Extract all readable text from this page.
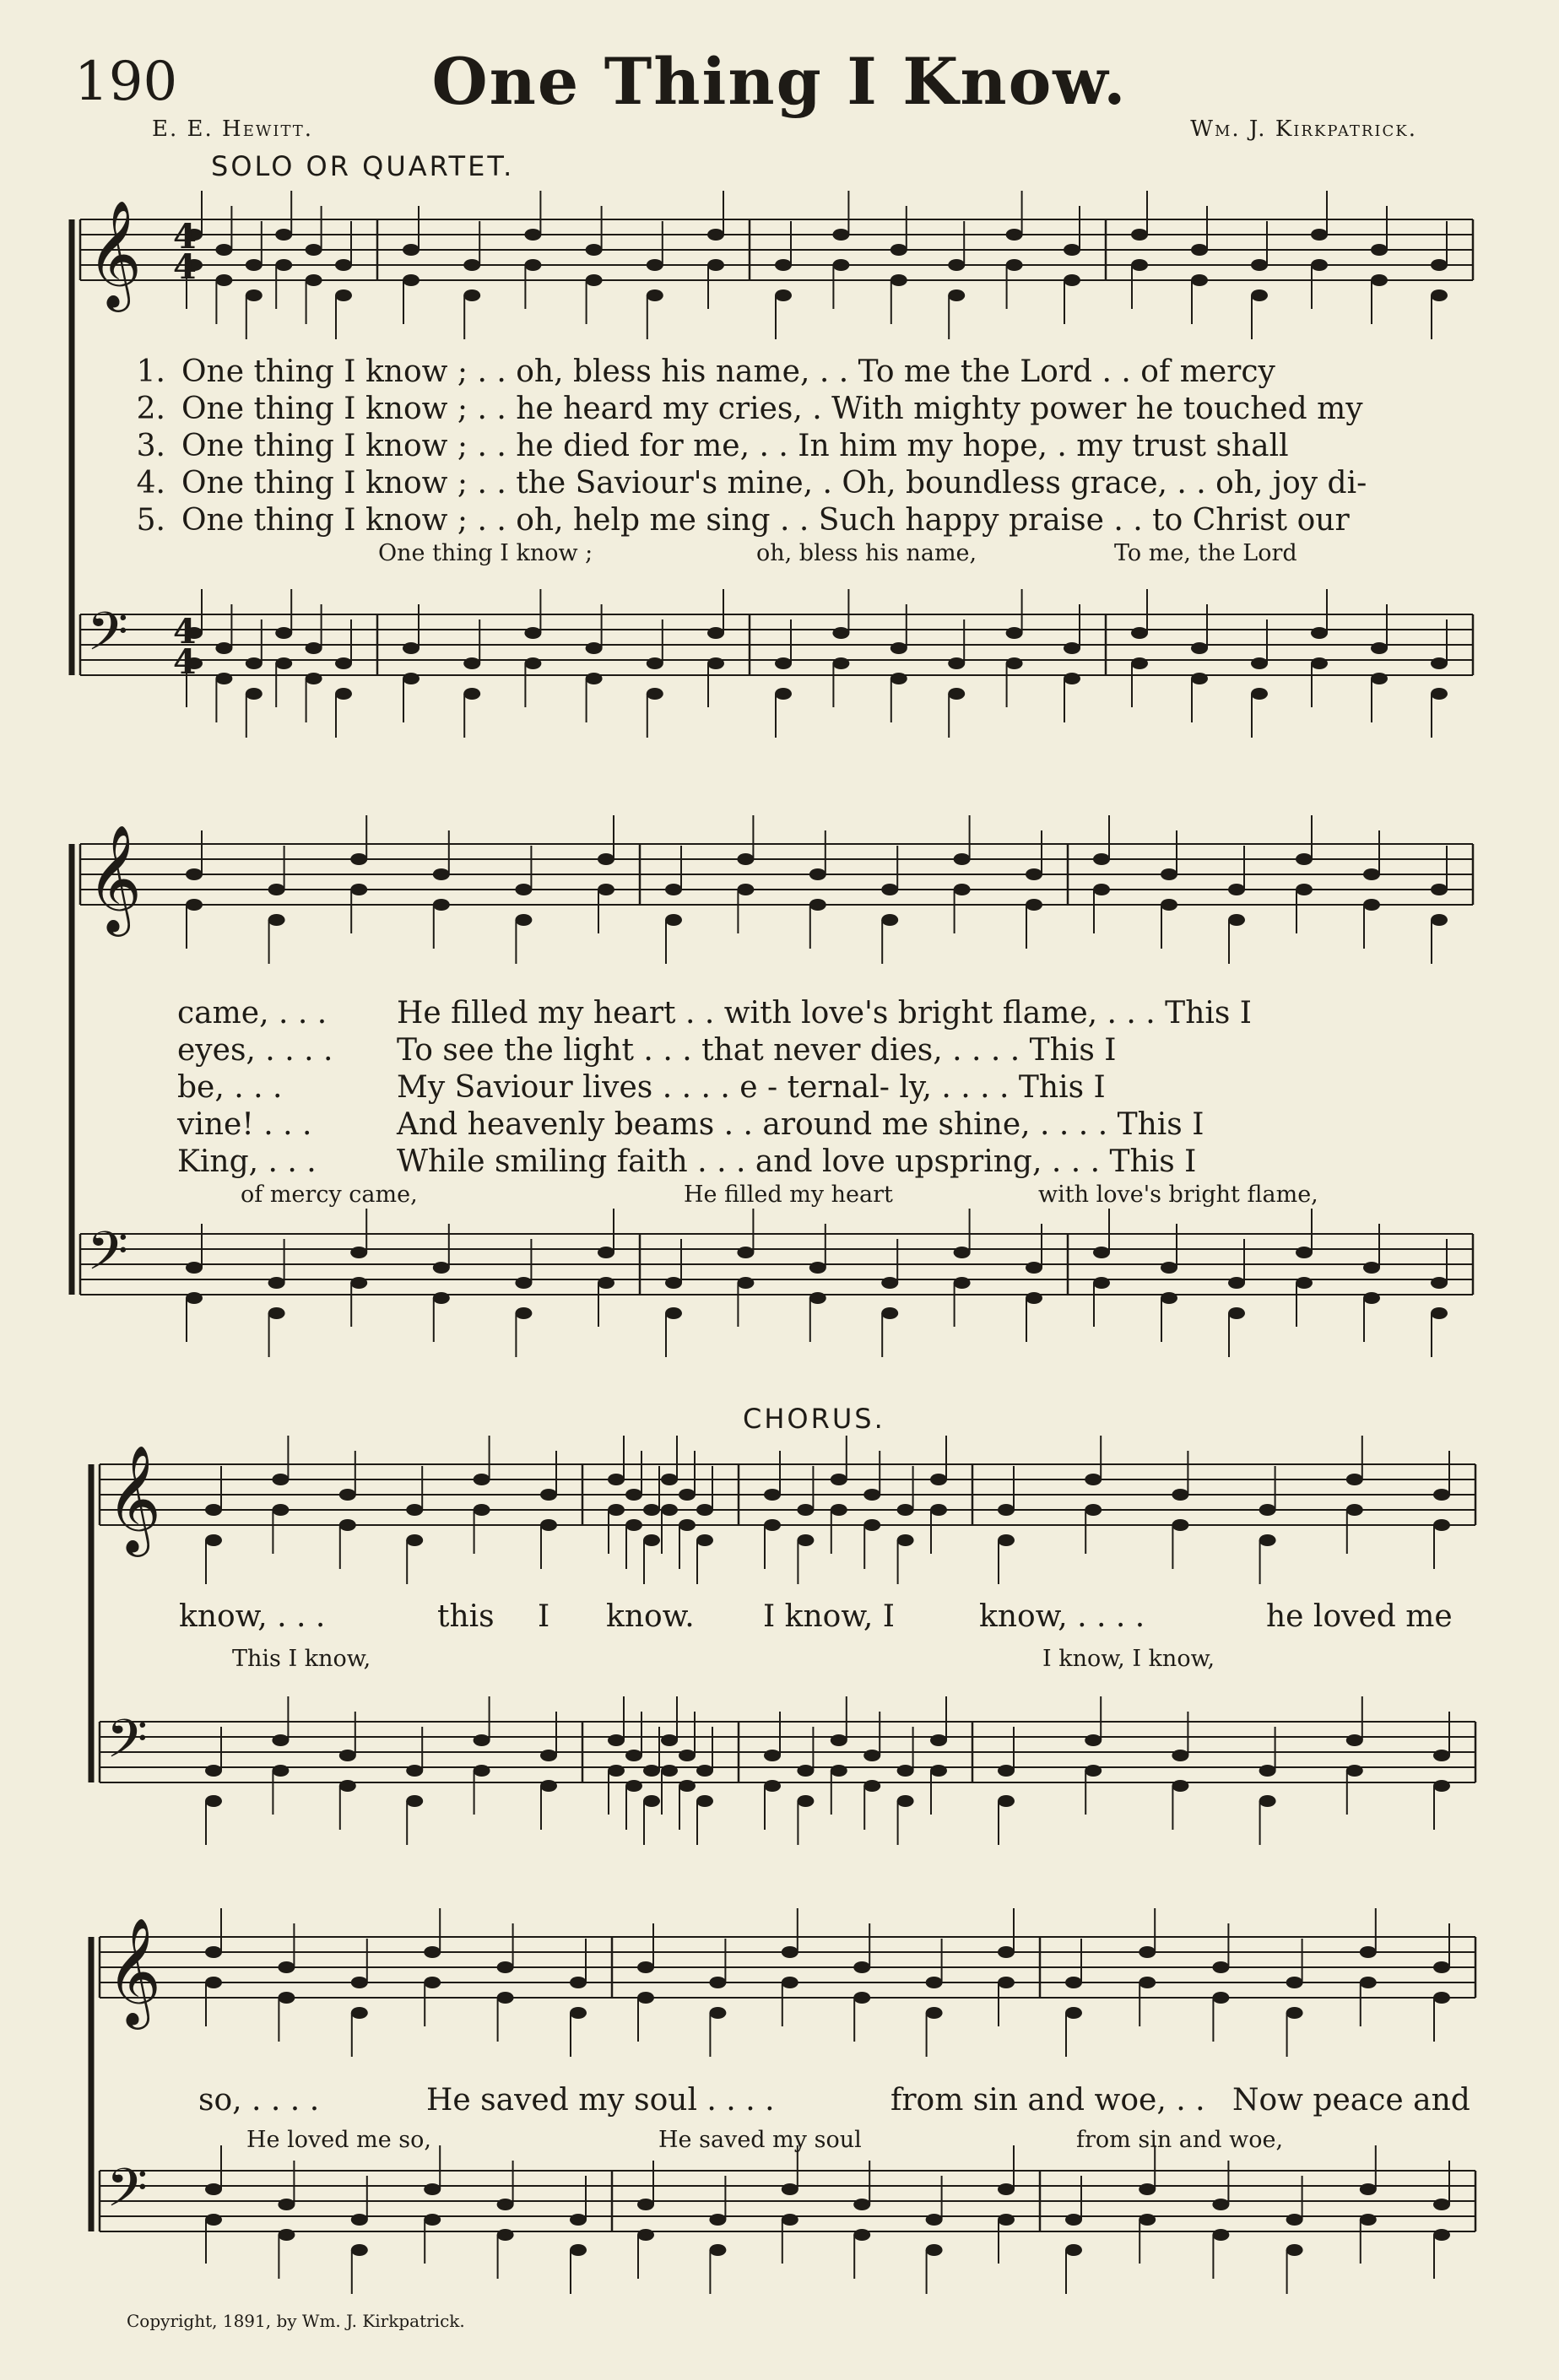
190	One Thing I Know.
E. E. Hewitt.	Wm. J. Kirkpatrick.
SOLO OR QUARTET.
CHORUS.
𝄞
𝄢
𝄞
𝄢
𝄞
𝄢
𝄞
𝄢
4
4
4
4
1. One thing I know ; . . oh, bless his name, . . To me the Lord . . of mercy
2. One thing I know ; . . he heard my cries, . With mighty power he touched my
3. One thing I know ; . . he died for me, . . In him my hope, . my trust shall
4. One thing I know ; . . the Saviour's mine, . Oh, boundless grace, . . oh, joy di-
5. One thing I know ; . . oh, help me sing . . Such happy praise . . to Christ our
One thing I know ;	oh, bless his name,	To me, the Lord
came, . . . He filled my heart . . with love's bright flame, . . . This I
eyes, . . . . To see the light . . . that never dies, . . . . This I
be, . . .	My Saviour lives . . . . e - ternal- ly, . . . . This I
vine! . . .	And heavenly beams . . around me shine, . . . . This I
King, . . .	While smiling faith . . . and love upspring, . . . This I
of mercy came,	He filled my heart	with love's bright flame,
know, . . .	this I know. I know, I	know, . . . .	he loved me
This I know,	I know, I know,
so, . . . .	He saved my soul . . . .	from sin and woe, . . Now peace and
He loved me so,	He saved my soul	from sin and woe,
Copyright, 1891, by Wm. J. Kirkpatrick.
